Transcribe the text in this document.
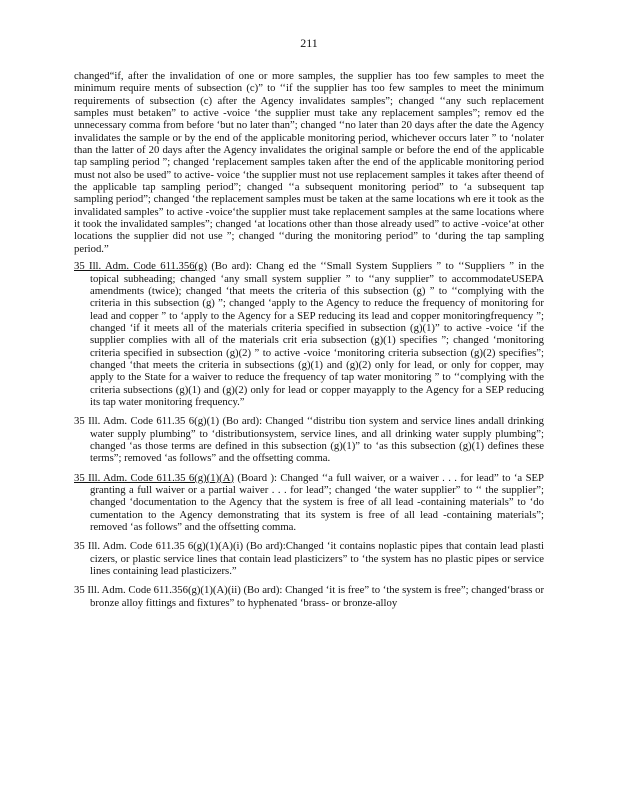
211

changed“if, after the invalidation of one or more samples, the supplier has too few samples to meet the minimum require ments of subsection (c)” to ‘‘if the supplier has too few samples to meet the minimum requirements of subsection (c) after the Agency invalidates samples”; changed ‘‘any such replacement samples must betaken” to active -voice ‘the supplier must take any replacement samples”; remov ed the unnecessary comma from before ‘but no later than”; changed ‘‘no later than 20 days after the date the Agency invalidates the sample or by the end of the applicable monitoring period, whichever occurs later ” to ‘nolater than the latter of 20 days after the Agency invalidates the original sample or before the end of the applicable tap sampling period ”; changed ‘replacement samples taken after the end of the applicable monitoring period must not also be used” to active- voice ‘the supplier must not use replacement samples it takes after theend of the applicable tap sampling period”; changed ‘‘a subsequent monitoring period” to ‘a subsequent tap sampling period”; changed ‘the replacement samples must be taken at the same locations wh ere it took as the invalidated samples” to active -voice‘the supplier must take replacement samples at the same locations where it took the invalidated samples”; changed ‘at locations other than those already used” to active -voice‘at other locations the supplier did not use ”; changed ‘‘during the monitoring period” to ‘during the tap sampling period.”

35 Ill. Adm. Code 611.356(g) (Bo ard): Chang ed the ‘‘Small System Suppliers ” to ‘‘Suppliers ” in the topical subheading; changed ‘any small system supplier ” to ‘‘any supplier” to accommodateUSEPA amendments (twice); changed ‘that meets the criteria of this subsection (g) ” to ‘‘complying with the criteria in this subsection (g) ”; changed ‘apply to the Agency to reduce the frequency of monitoring for lead and copper ” to ‘apply to the Agency for a SEP reducing its lead and copper monitoringfrequency ”; changed ‘if it meets all of the materials criteria specified in subsection (g)(1)” to active -voice ‘if the supplier complies with all of the materials crit eria subsection (g)(1) specifies ”; changed ‘monitoring criteria specified in subsection (g)(2) ” to active -voice ‘monitoring criteria subsection (g)(2) specifies”; changed ‘that meets the criteria in subsections (g)(1) and (g)(2) only for lead, or only for copper, may apply to the State for a waiver to reduce the frequency of tap water monitoring ” to ‘‘complying with the criteria subsections (g)(1) and (g)(2) only for lead or copper mayapply to the Agency for a SEP reducing its tap water monitoring frequency.”
35 Ill. Adm. Code 611.35 6(g)(1) (Bo ard): Changed ‘‘distribu tion system and service lines andall drinking water supply plumbing” to ‘distributionsystem, service lines, and all drinking water supply plumbing”; changed ‘as those terms are defined in this subsection (g)(1)” to ‘as this subsection (g)(1) defines these terms”; removed ‘as follows” and the offsetting comma.
35 Ill. Adm. Code 611.35 6(g)(1)(A) (Board ): Changed ‘‘a full waiver, or a waiver . . . for lead” to ‘a SEP granting a full waiver or a partial waiver . . . for lead”; changed ‘the water supplier” to ‘‘ the supplier”; changed ‘documentation to the Agency that the system is free of all lead -containing materials” to ‘do cumentation to the Agency demonstrating that its system is free of all lead -containing materials”; removed ‘as follows” and the offsetting comma.
35 Ill. Adm. Code 611.35 6(g)(1)(A)(i) (Bo ard):Changed ‘it contains noplastic pipes that contain lead plasti cizers, or plastic service lines that contain lead plasticizers” to ‘the system has no plastic pipes or service lines containing lead plasticizers.”
35 Ill. Adm. Code 611.356(g)(1)(A)(ii) (Bo ard): Changed ‘it is free” to ‘the system is free”; changed‘brass or bronze alloy fittings and fixtures” to hyphenated ‘brass- or bronze-alloy
